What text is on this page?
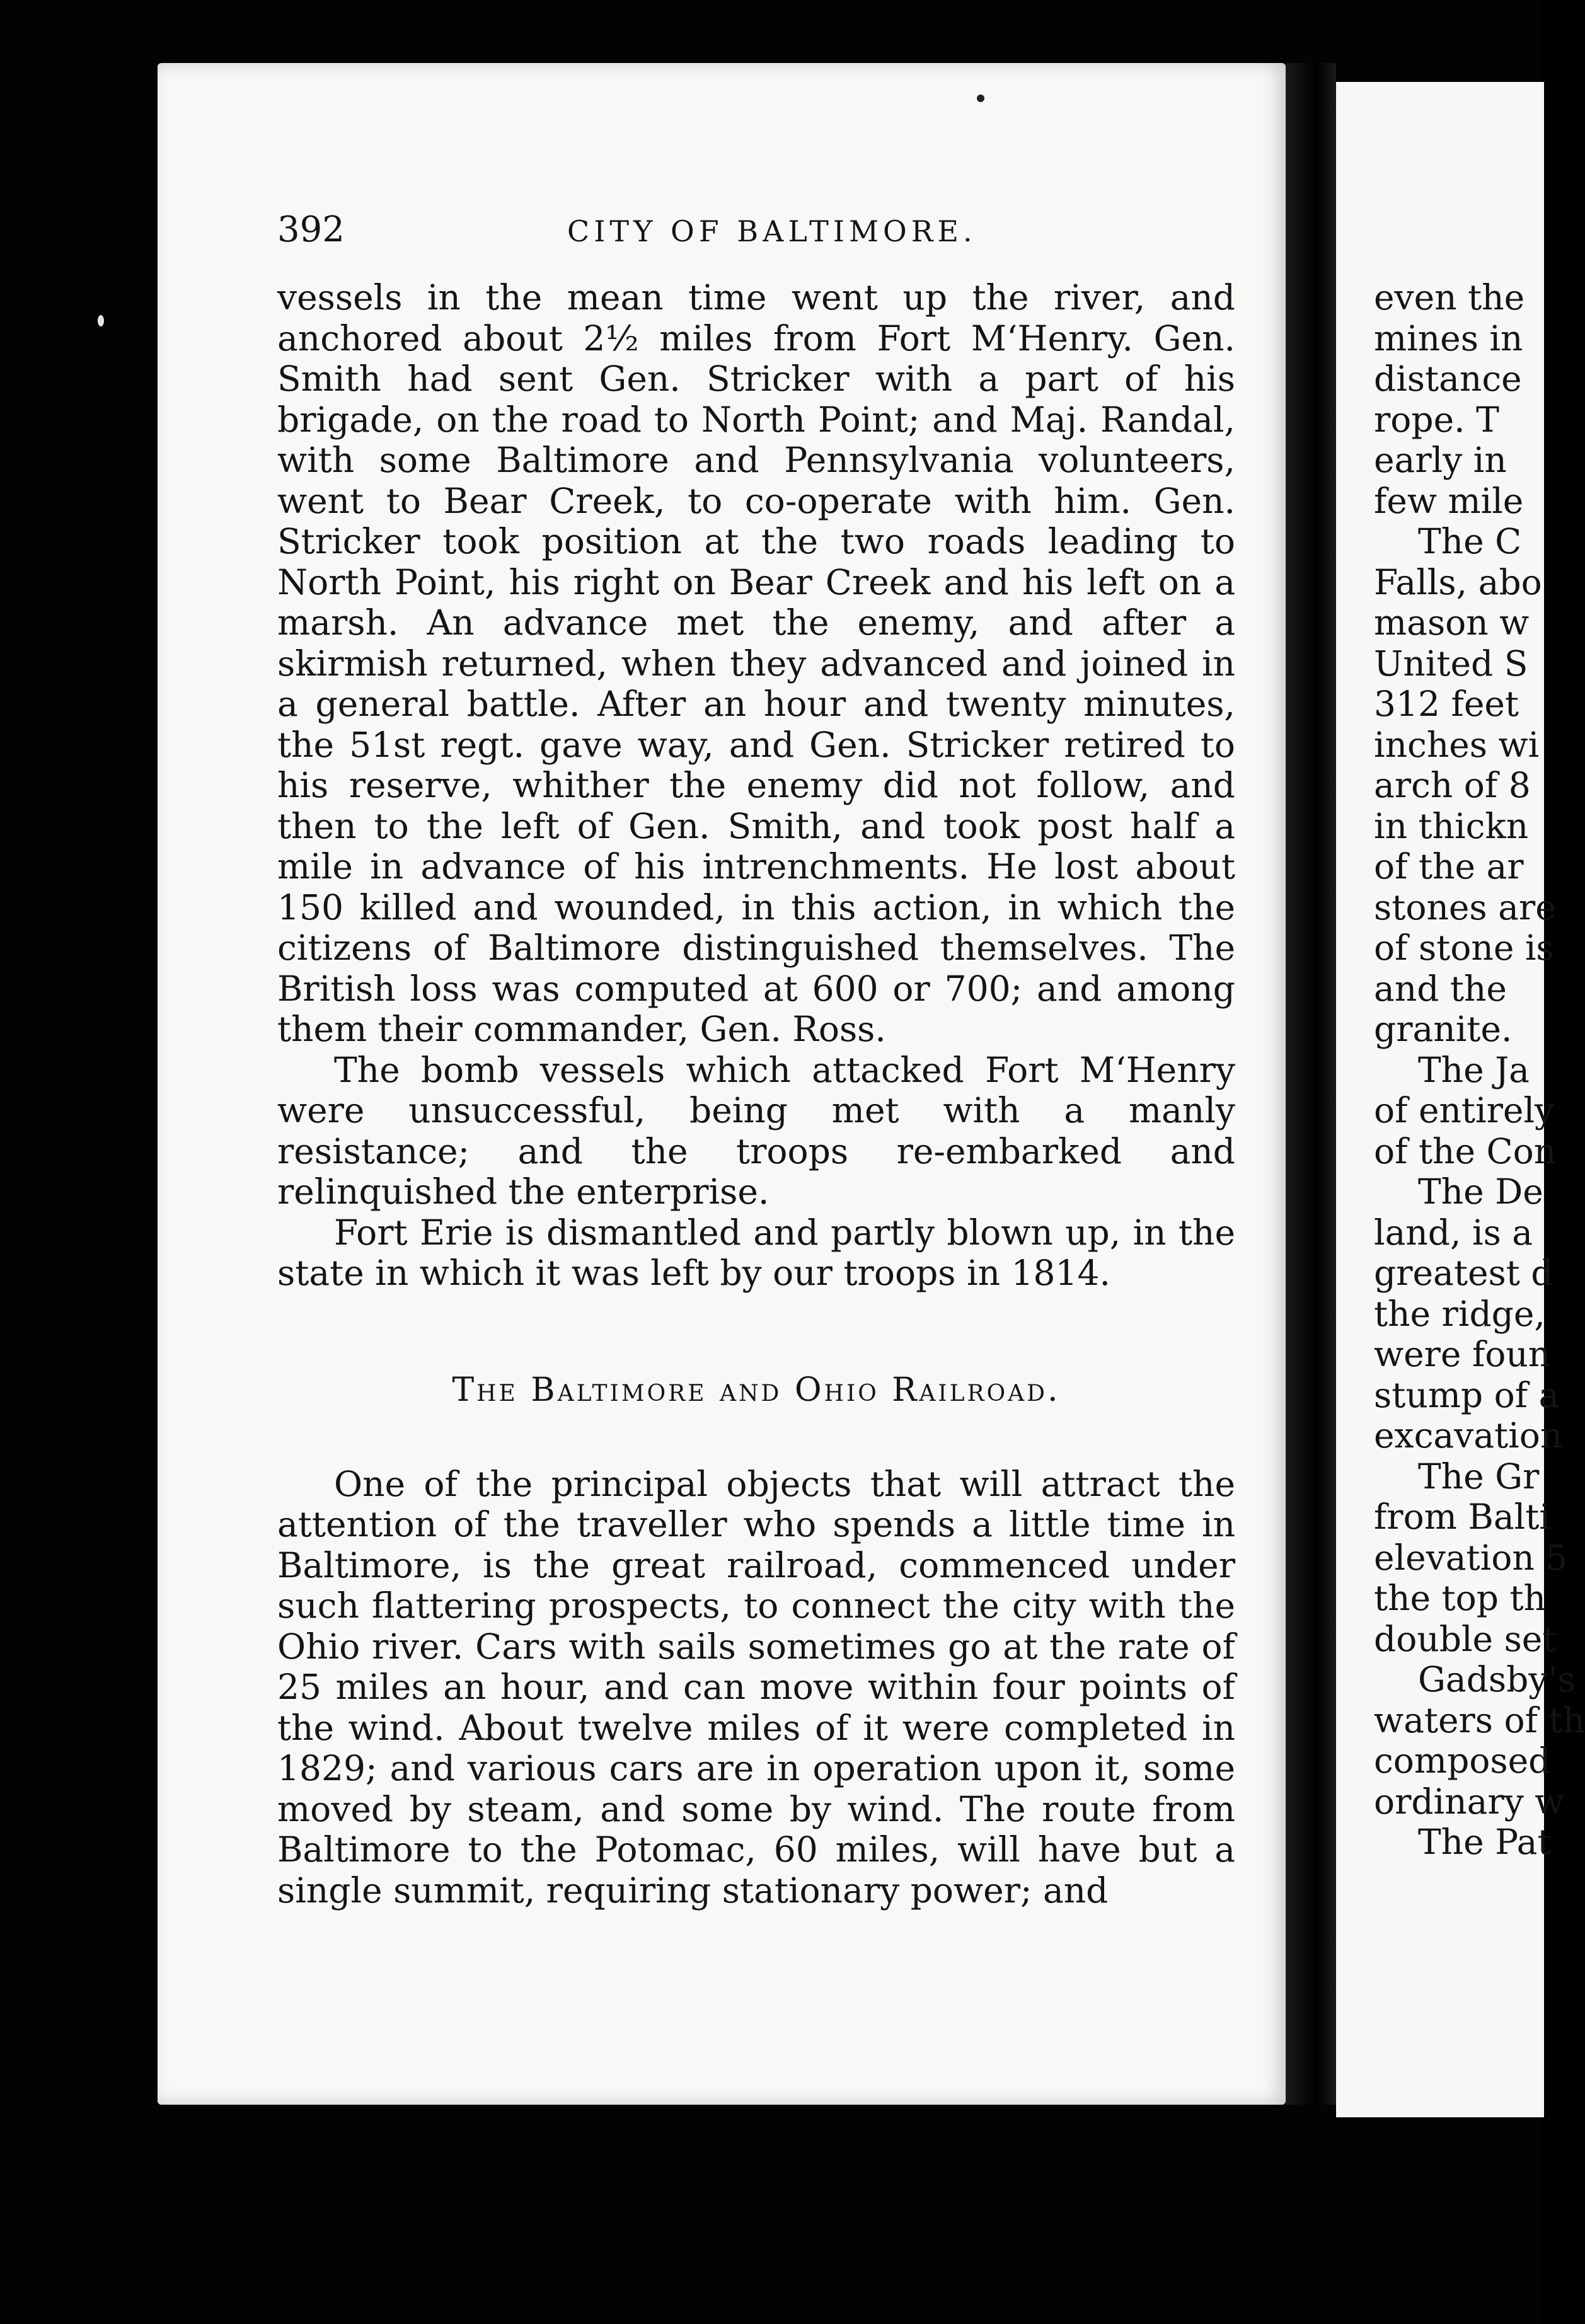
392	CITY OF BALTIMORE.

vessels in the mean time went up the river, and anchored about 2½ miles from Fort M‘Henry. Gen. Smith had sent Gen. Stricker with a part of his brigade, on the road to North Point; and Maj. Randal, with some Baltimore and Pennsylvania volunteers, went to Bear Creek, to co-operate with him. Gen. Stricker took position at the two roads leading to North Point, his right on Bear Creek and his left on a marsh. An advance met the enemy, and after a skirmish returned, when they advanced and joined in a general battle. After an hour and twenty minutes, the 51st regt. gave way, and Gen. Stricker retired to his reserve, whither the enemy did not follow, and then to the left of Gen. Smith, and took post half a mile in advance of his intrenchments. He lost about 150 killed and wounded, in this action, in which the citizens of Baltimore distinguished themselves. The British loss was computed at 600 or 700; and among them their commander, Gen. Ross.

The bomb vessels which attacked Fort M‘Henry were unsuccessful, being met with a manly resistance; and the troops re-embarked and relinquished the enterprise.

Fort Erie is dismantled and partly blown up, in the state in which it was left by our troops in 1814.

The Baltimore and Ohio Railroad.

One of the principal objects that will attract the attention of the traveller who spends a little time in Baltimore, is the great railroad, commenced under such flattering prospects, to connect the city with the Ohio river. Cars with sails sometimes go at the rate of 25 miles an hour, and can move within four points of the wind. About twelve miles of it were completed in 1829; and various cars are in operation upon it, some moved by steam, and some by wind. The route from Baltimore to the Potomac, 60 miles, will have but a single summit, requiring stationary power; and

even the
mines in
distance
rope. T
early in
few mile
The C
Falls, abo
mason w
United S
312 feet
inches wi
arch of 8
in thickn
of the ar
stones are
of stone is
and the
granite.
The Ja
of entirely
of the Con
The De
land, is a
greatest d
the ridge,
were foun
stump of a
excavation
The Gr
from Balti
elevation 5
the top th
double set
Gadsby's
waters of th
composed
ordinary w
The Pat
